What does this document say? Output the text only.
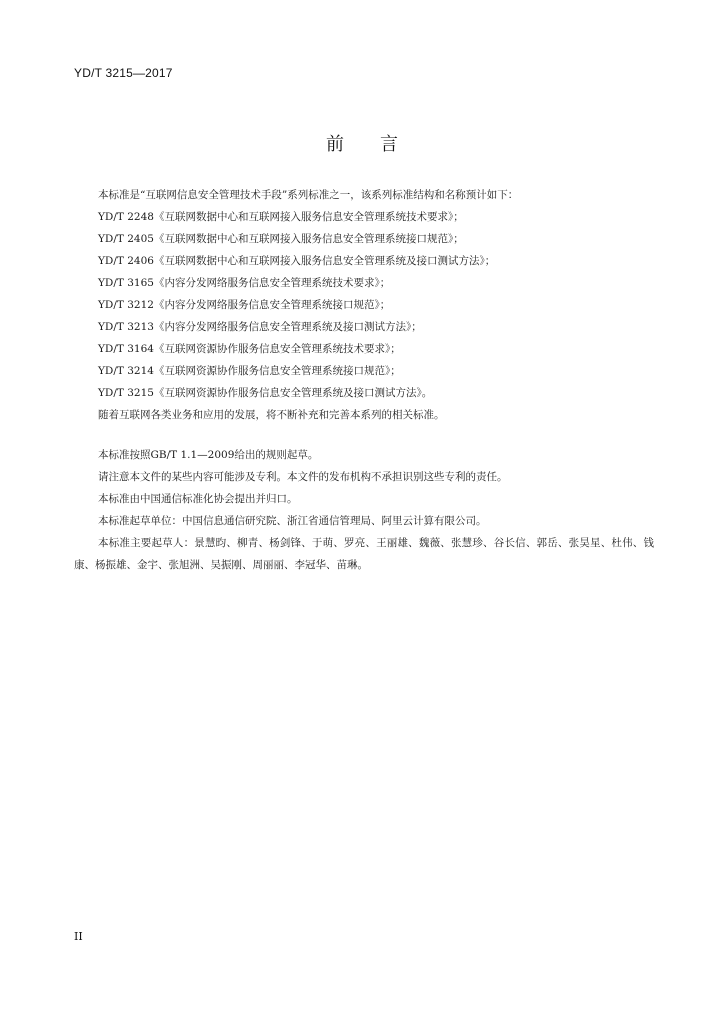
YD/T 3215—2017
前言
本标准是“互联网信息安全管理技术手段”系列标准之一，该系列标准结构和名称预计如下：
YD/T 2248《互联网数据中心和互联网接入服务信息安全管理系统技术要求》；
YD/T 2405《互联网数据中心和互联网接入服务信息安全管理系统接口规范》；
YD/T 2406《互联网数据中心和互联网接入服务信息安全管理系统及接口测试方法》；
YD/T 3165《内容分发网络服务信息安全管理系统技术要求》；
YD/T 3212《内容分发网络服务信息安全管理系统接口规范》；
YD/T 3213《内容分发网络服务信息安全管理系统及接口测试方法》；
YD/T 3164《互联网资源协作服务信息安全管理系统技术要求》；
YD/T 3214《互联网资源协作服务信息安全管理系统接口规范》；
YD/T 3215《互联网资源协作服务信息安全管理系统及接口测试方法》。
随着互联网各类业务和应用的发展，将不断补充和完善本系列的相关标准。
本标准按照GB/T 1.1—2009给出的规则起草。
请注意本文件的某些内容可能涉及专利。本文件的发布机构不承担识别这些专利的责任。
本标准由中国通信标准化协会提出并归口。
本标准起草单位：中国信息通信研究院、浙江省通信管理局、阿里云计算有限公司。
本标准主要起草人：景慧昀、柳青、杨剑锋、于萌、罗亮、王丽雄、魏薇、张慧珍、谷长信、郭岳、张昊星、杜伟、钱康、杨振雄、金宇、张旭洲、吴振刚、周丽丽、李冠华、苗琳。
II
